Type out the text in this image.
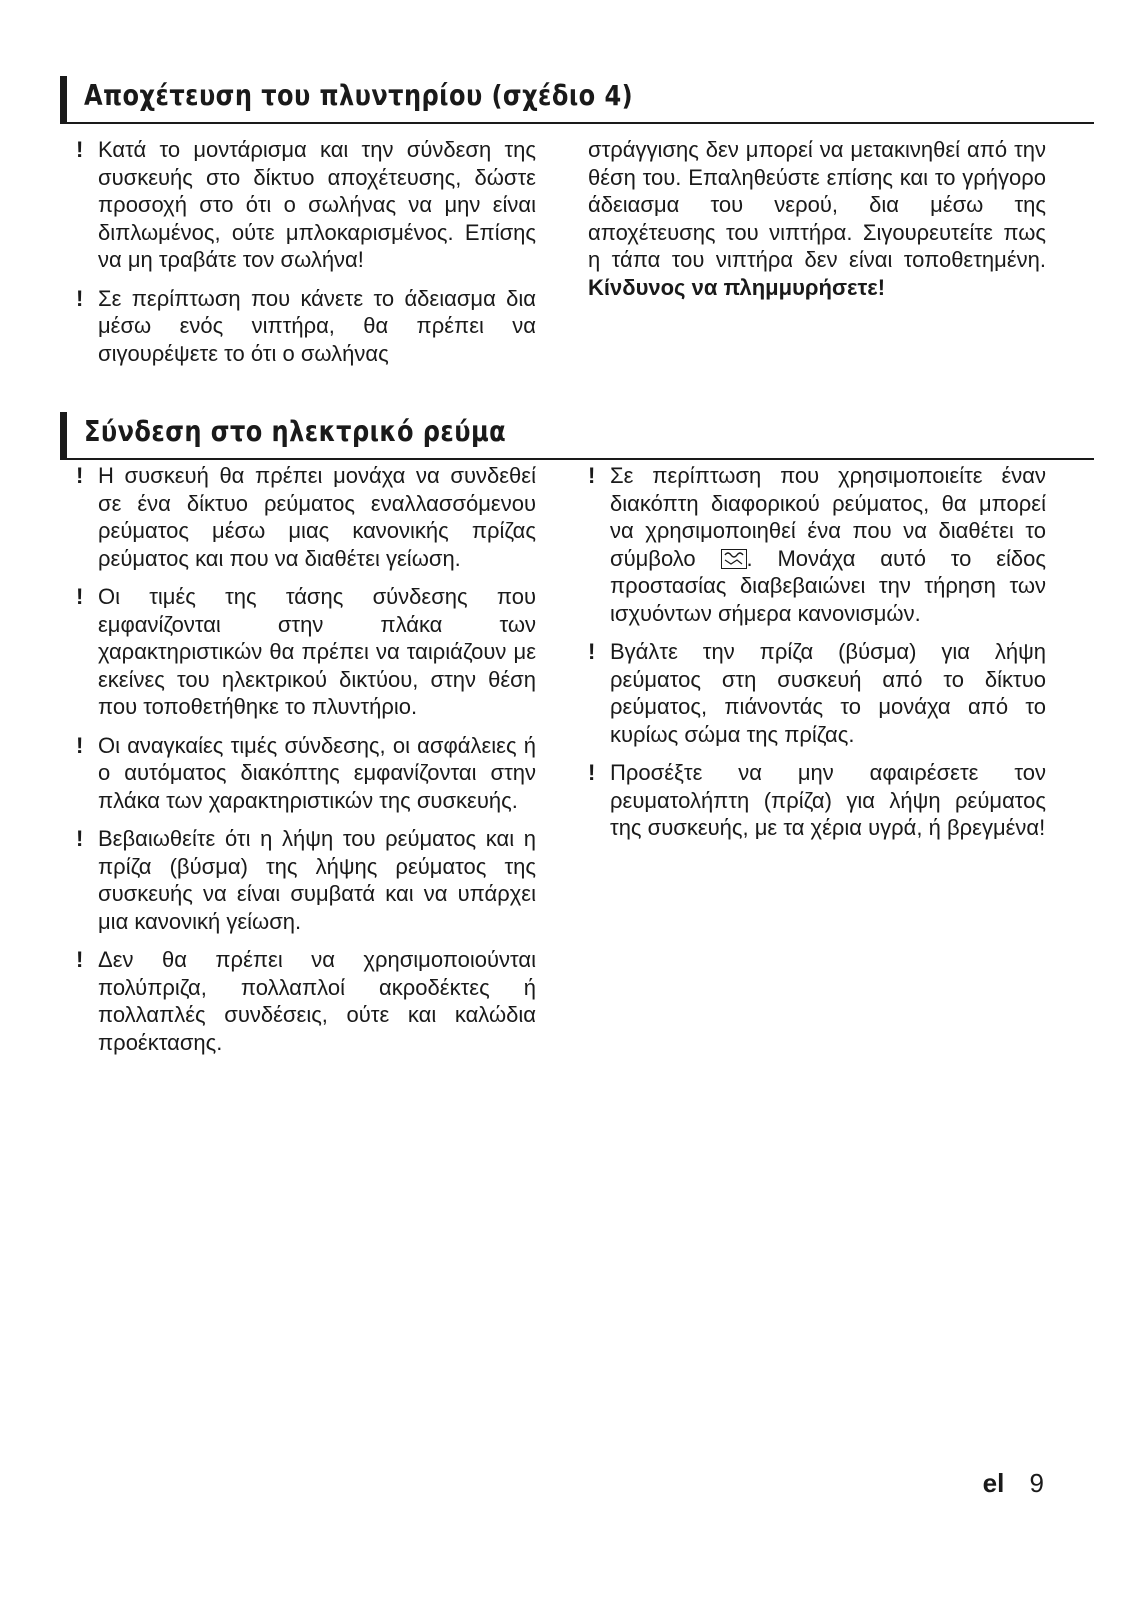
Αποχέτευση του πλυντηρίου (σχέδιο 4)
! Κατά το μοντάρισμα και την σύνδεση της συσκευής στο δίκτυο αποχέτευσης, δώστε προσοχή στο ότι ο σωλήνας να μην είναι διπλωμένος, ούτε μπλοκαρισμένος. Επίσης να μη τραβάτε τον σωλήνα!
! Σε περίπτωση που κάνετε το άδειασμα δια μέσω ενός νιπτήρα, θα πρέπει να σιγουρέψετε το ότι ο σωλήνας
στράγγισης δεν μπορεί να μετακινηθεί από την θέση του. Επαληθεύστε επίσης και το γρήγορο άδειασμα του νερού, δια μέσω της αποχέτευσης του νιπτήρα. Σιγουρευτείτε πως η τάπα του νιπτήρα δεν είναι τοποθετημένη. Κίνδυνος να πλημμυρήσετε!
Σύνδεση στο ηλεκτρικό ρεύμα
! Η συσκευή θα πρέπει μονάχα να συνδεθεί σε ένα δίκτυο ρεύματος εναλλασσόμενου ρεύματος μέσω μιας κανονικής πρίζας ρεύματος και που να διαθέτει γείωση.
! Οι τιμές της τάσης σύνδεσης που εμφανίζονται στην πλάκα των χαρακτηριστικών θα πρέπει να ταιριάζουν με εκείνες του ηλεκτρικού δικτύου, στην θέση που τοποθετήθηκε το πλυντήριο.
! Οι αναγκαίες τιμές σύνδεσης, οι ασφάλειες ή ο αυτόματος διακόπτης εμφανίζονται στην πλάκα των χαρακτηριστικών της συσκευής.
! Βεβαιωθείτε ότι η λήψη του ρεύματος και η πρίζα (βύσμα) της λήψης ρεύματος της συσκευής να είναι συμβατά και να υπάρχει μια κανονική γείωση.
! Δεν θα πρέπει να χρησιμοποιούνται πολύπριζα, πολλαπλοί ακροδέκτες ή πολλαπλές συνδέσεις, ούτε και καλώδια προέκτασης.
! Σε περίπτωση που χρησιμοποιείτε έναν διακόπτη διαφορικού ρεύματος, θα μπορεί να χρησιμοποιηθεί ένα που να διαθέτει το σύμβολο . Μονάχα αυτό το είδος προστασίας διαβεβαιώνει την τήρηση των ισχυόντων σήμερα κανονισμών.
! Βγάλτε την πρίζα (βύσμα) για λήψη ρεύματος στη συσκευή από το δίκτυο ρεύματος, πιάνοντάς το μονάχα από το κυρίως σώμα της πρίζας.
! Προσέξτε να μην αφαιρέσετε τον ρευματολήπτη (πρίζα) για λήψη ρεύματος της συσκευής, με τα χέρια υγρά, ή βρεγμένα!
el 9
